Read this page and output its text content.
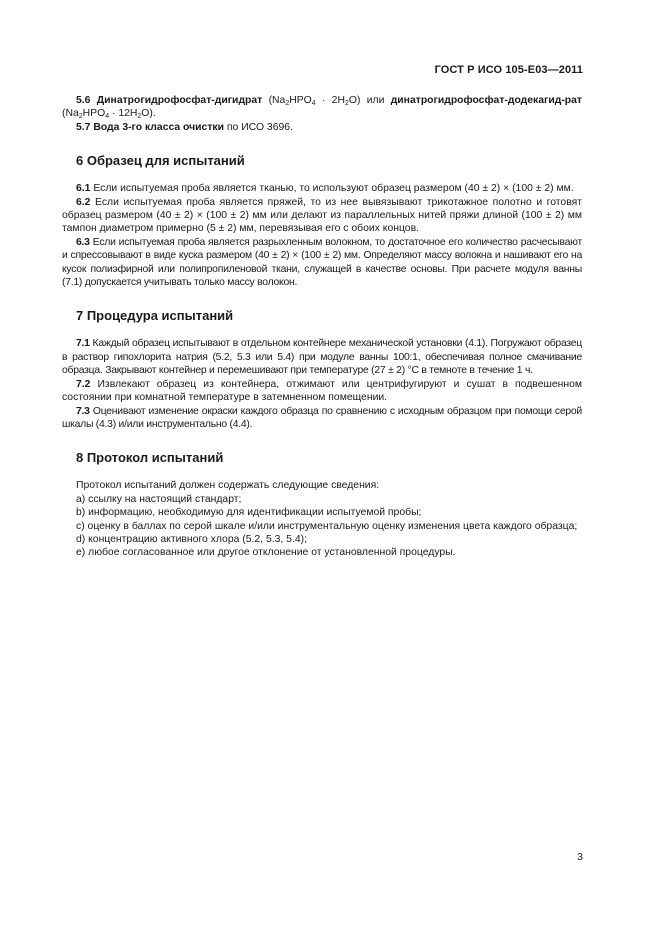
ГОСТ Р ИСО 105-E03—2011

5.6 Динатрогидрофосфат-дигидрат $(Na_2HPO_4 \cdot 2H_2O)$ или динатрогидрофосфат-додекагид-рат $(Na_2HPO_4 \cdot 12H_2O)$.

5.7 Вода 3-го класса очистки по ИСО 3696.

6 Образец для испытаний

6.1 Если испытуемая проба является тканью, то используют образец размером (40 ± 2) × (100 ± 2) мм.

6.2 Если испытуемая проба является пряжей, то из нее вывязывают трикотажное полотно и готовят образец размером (40 ± 2) × (100 ± 2) мм или делают из параллельных нитей пряжи длиной (100 ± 2) мм тампон диаметром примерно (5 ± 2) мм, перевязывая его с обоих концов.

6.3 Если испытуемая проба является разрыхленным волокном, то достаточное его количество расчесывают и спрессовывают в виде куска размером (40 ± 2) × (100 ± 2) мм. Определяют массу волокна и нашивают его на кусок полиэфирной или полипропиленовой ткани, служащей в качестве основы. При расчете модуля ванны (7.1) допускается учитывать только массу волокон.

7 Процедура испытаний

7.1 Каждый образец испытывают в отдельном контейнере механической установки (4.1). Погружают образец в раствор гипохлорита натрия (5.2, 5.3 или 5.4) при модуле ванны 100:1, обеспечивая полное смачивание образца. Закрывают контейнер и перемешивают при температуре (27 ± 2) °C в темноте в течение 1 ч.

7.2 Извлекают образец из контейнера, отжимают или центрифугируют и сушат в подвешенном состоянии при комнатной температуре в затемненном помещении.

7.3 Оценивают изменение окраски каждого образца по сравнению с исходным образцом при помощи серой шкалы (4.3) и/или инструментально (4.4).

8 Протокол испытаний

Протокол испытаний должен содержать следующие сведения:

a) ссылку на настоящий стандарт;

b) информацию, необходимую для идентификации испытуемой пробы;

c) оценку в баллах по серой шкале и/или инструментальную оценку изменения цвета каждого образца;

d) концентрацию активного хлора (5.2, 5.3, 5.4);

e) любое согласованное или другое отклонение от установленной процедуры.

3
